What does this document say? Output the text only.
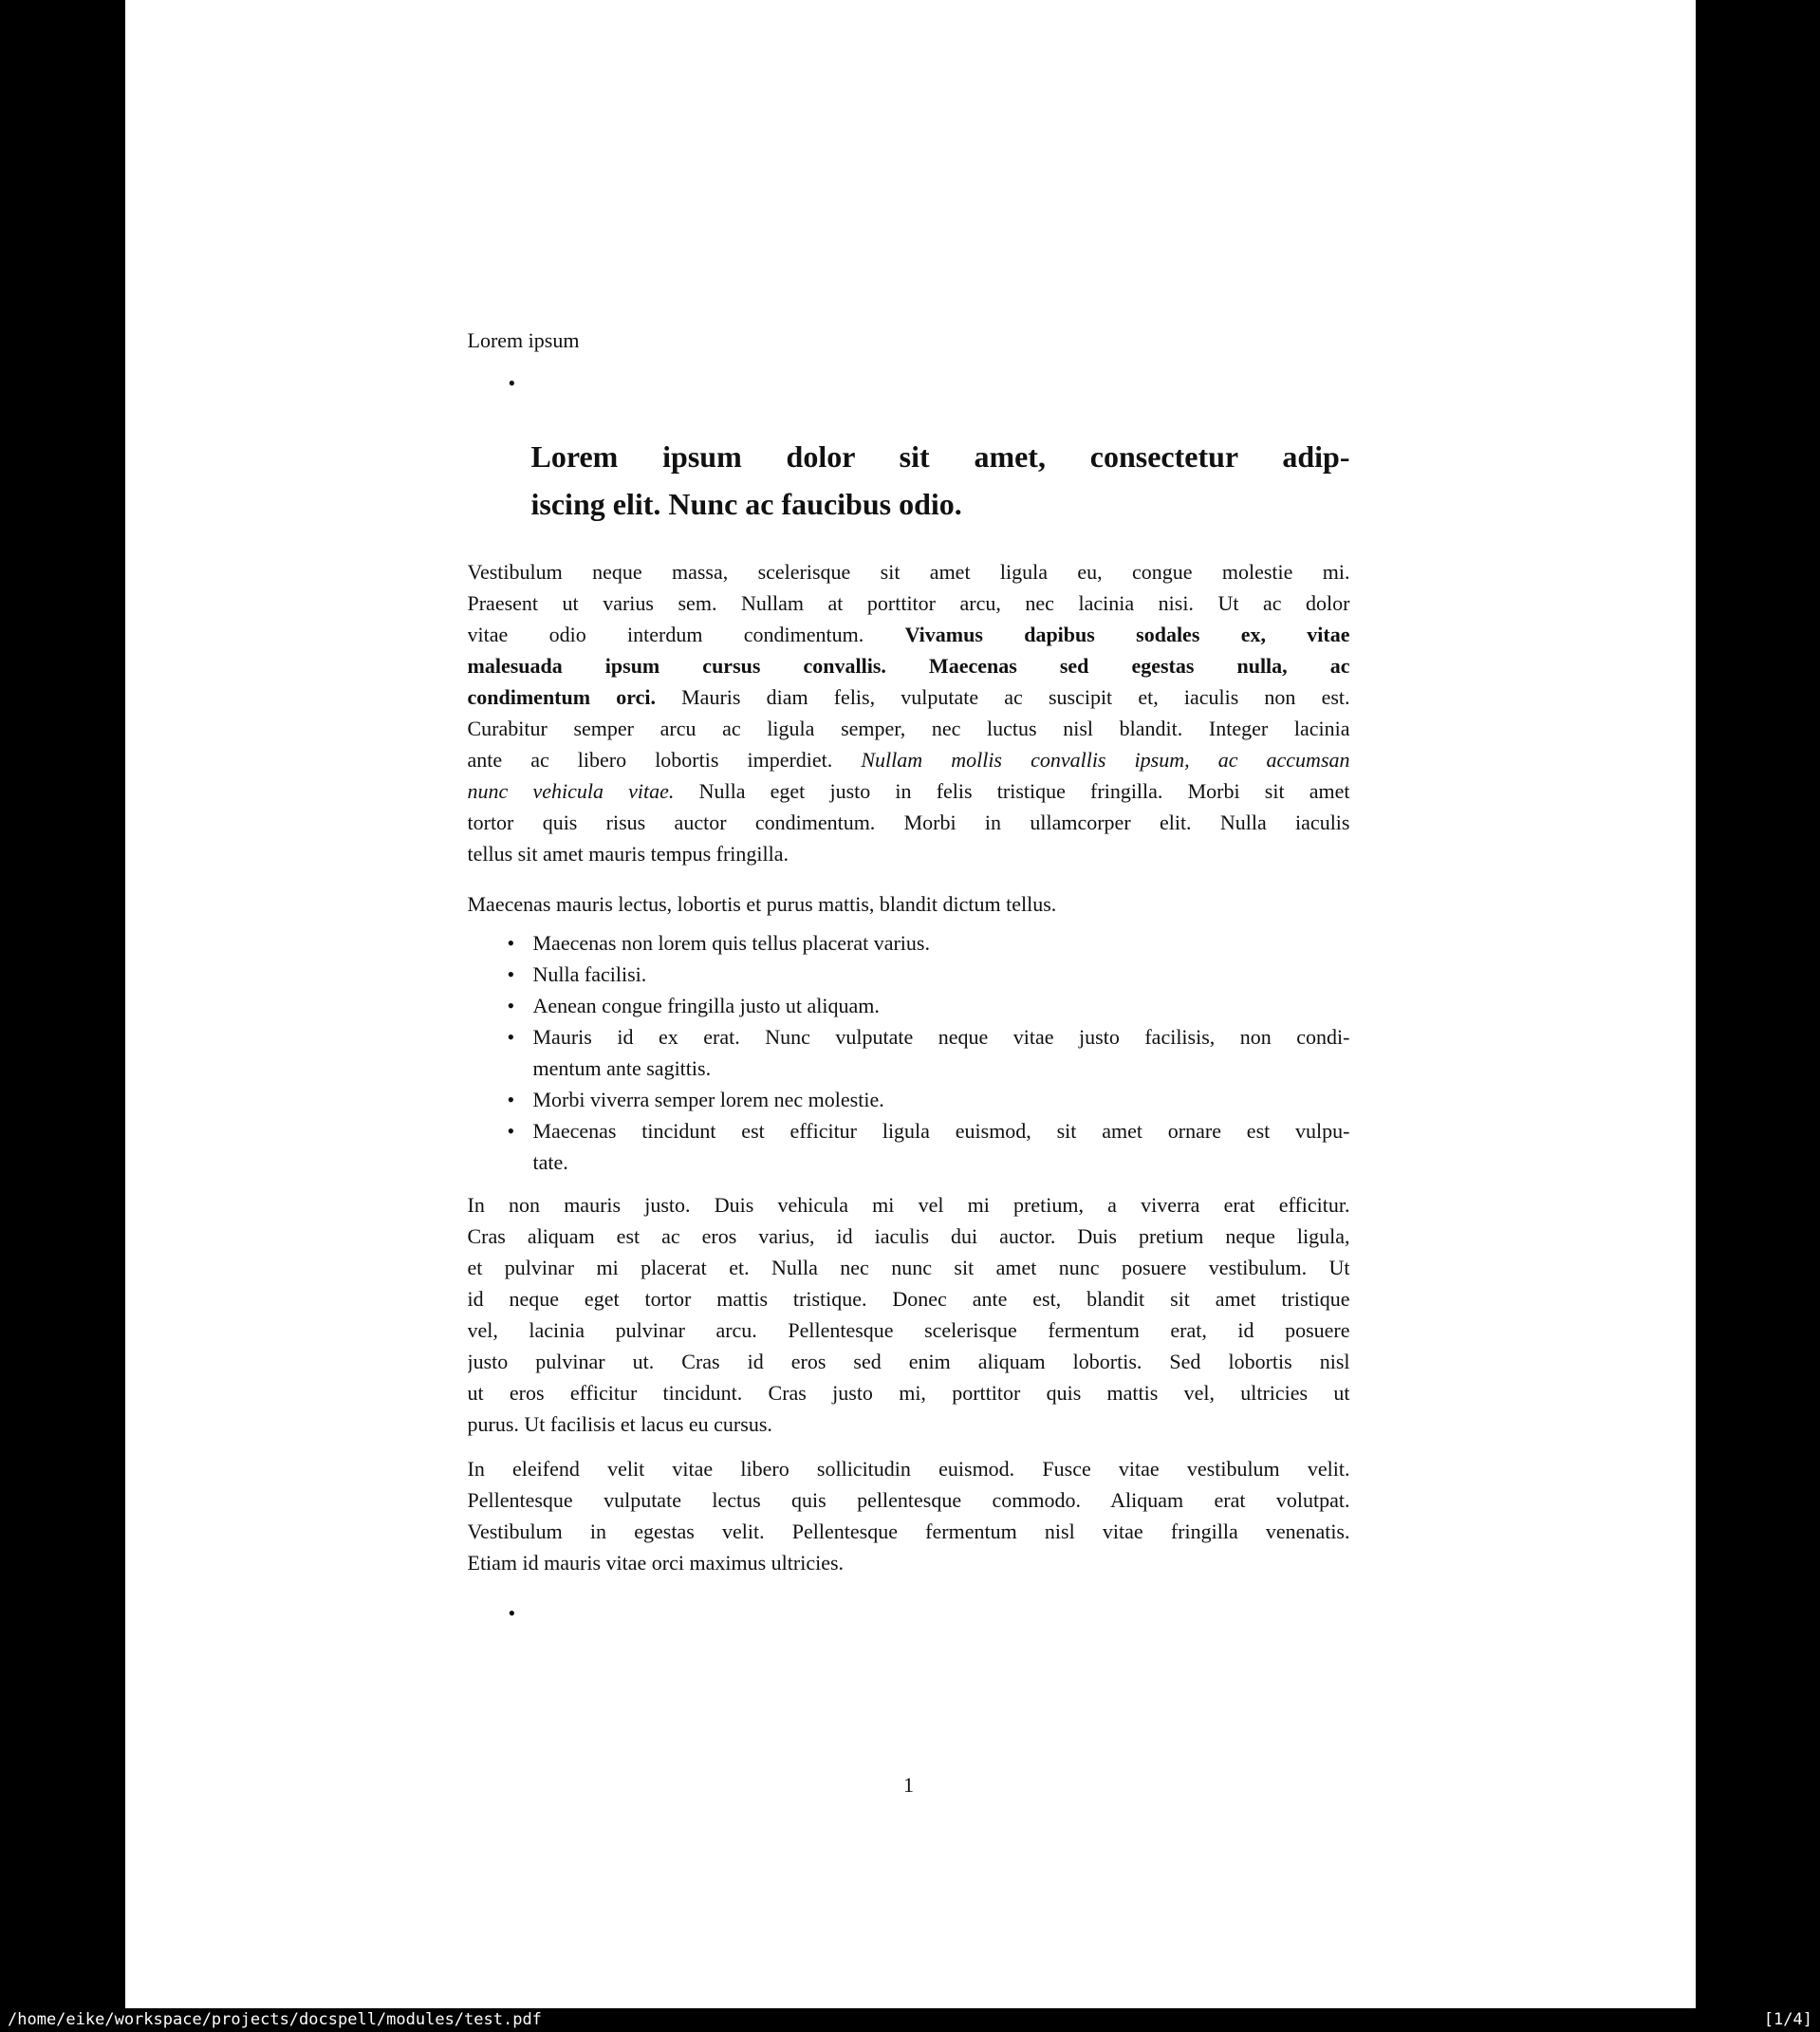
Lorem ipsum
•
Lorem ipsum dolor sit amet, consectetur adip-
iscing elit. Nunc ac faucibus odio.
Vestibulum neque massa, scelerisque sit amet ligula eu, congue molestie mi.
Praesent ut varius sem. Nullam at porttitor arcu, nec lacinia nisi. Ut ac dolor
vitae odio interdum condimentum. Vivamus dapibus sodales ex, vitae
malesuada ipsum cursus convallis. Maecenas sed egestas nulla, ac
condimentum orci. Mauris diam felis, vulputate ac suscipit et, iaculis non est.
Curabitur semper arcu ac ligula semper, nec luctus nisl blandit. Integer lacinia
ante ac libero lobortis imperdiet. Nullam mollis convallis ipsum, ac accumsan
nunc vehicula vitae. Nulla eget justo in felis tristique fringilla. Morbi sit amet
tortor quis risus auctor condimentum. Morbi in ullamcorper elit. Nulla iaculis
tellus sit amet mauris tempus fringilla.
Maecenas mauris lectus, lobortis et purus mattis, blandit dictum tellus.
• Maecenas non lorem quis tellus placerat varius.
• Nulla facilisi.
• Aenean congue fringilla justo ut aliquam.
• Mauris id ex erat. Nunc vulputate neque vitae justo facilisis, non condi-
mentum ante sagittis.
• Morbi viverra semper lorem nec molestie.
• Maecenas tincidunt est efficitur ligula euismod, sit amet ornare est vulpu-
tate.
In non mauris justo. Duis vehicula mi vel mi pretium, a viverra erat efficitur.
Cras aliquam est ac eros varius, id iaculis dui auctor. Duis pretium neque ligula,
et pulvinar mi placerat et. Nulla nec nunc sit amet nunc posuere vestibulum. Ut
id neque eget tortor mattis tristique. Donec ante est, blandit sit amet tristique
vel, lacinia pulvinar arcu. Pellentesque scelerisque fermentum erat, id posuere
justo pulvinar ut. Cras id eros sed enim aliquam lobortis. Sed lobortis nisl
ut eros efficitur tincidunt. Cras justo mi, porttitor quis mattis vel, ultricies ut
purus. Ut facilisis et lacus eu cursus.
In eleifend velit vitae libero sollicitudin euismod. Fusce vitae vestibulum velit.
Pellentesque vulputate lectus quis pellentesque commodo. Aliquam erat volutpat.
Vestibulum in egestas velit. Pellentesque fermentum nisl vitae fringilla venenatis.
Etiam id mauris vitae orci maximus ultricies.
•
1
/home/eike/workspace/projects/docspell/modules/test.pdf	[1/4]
